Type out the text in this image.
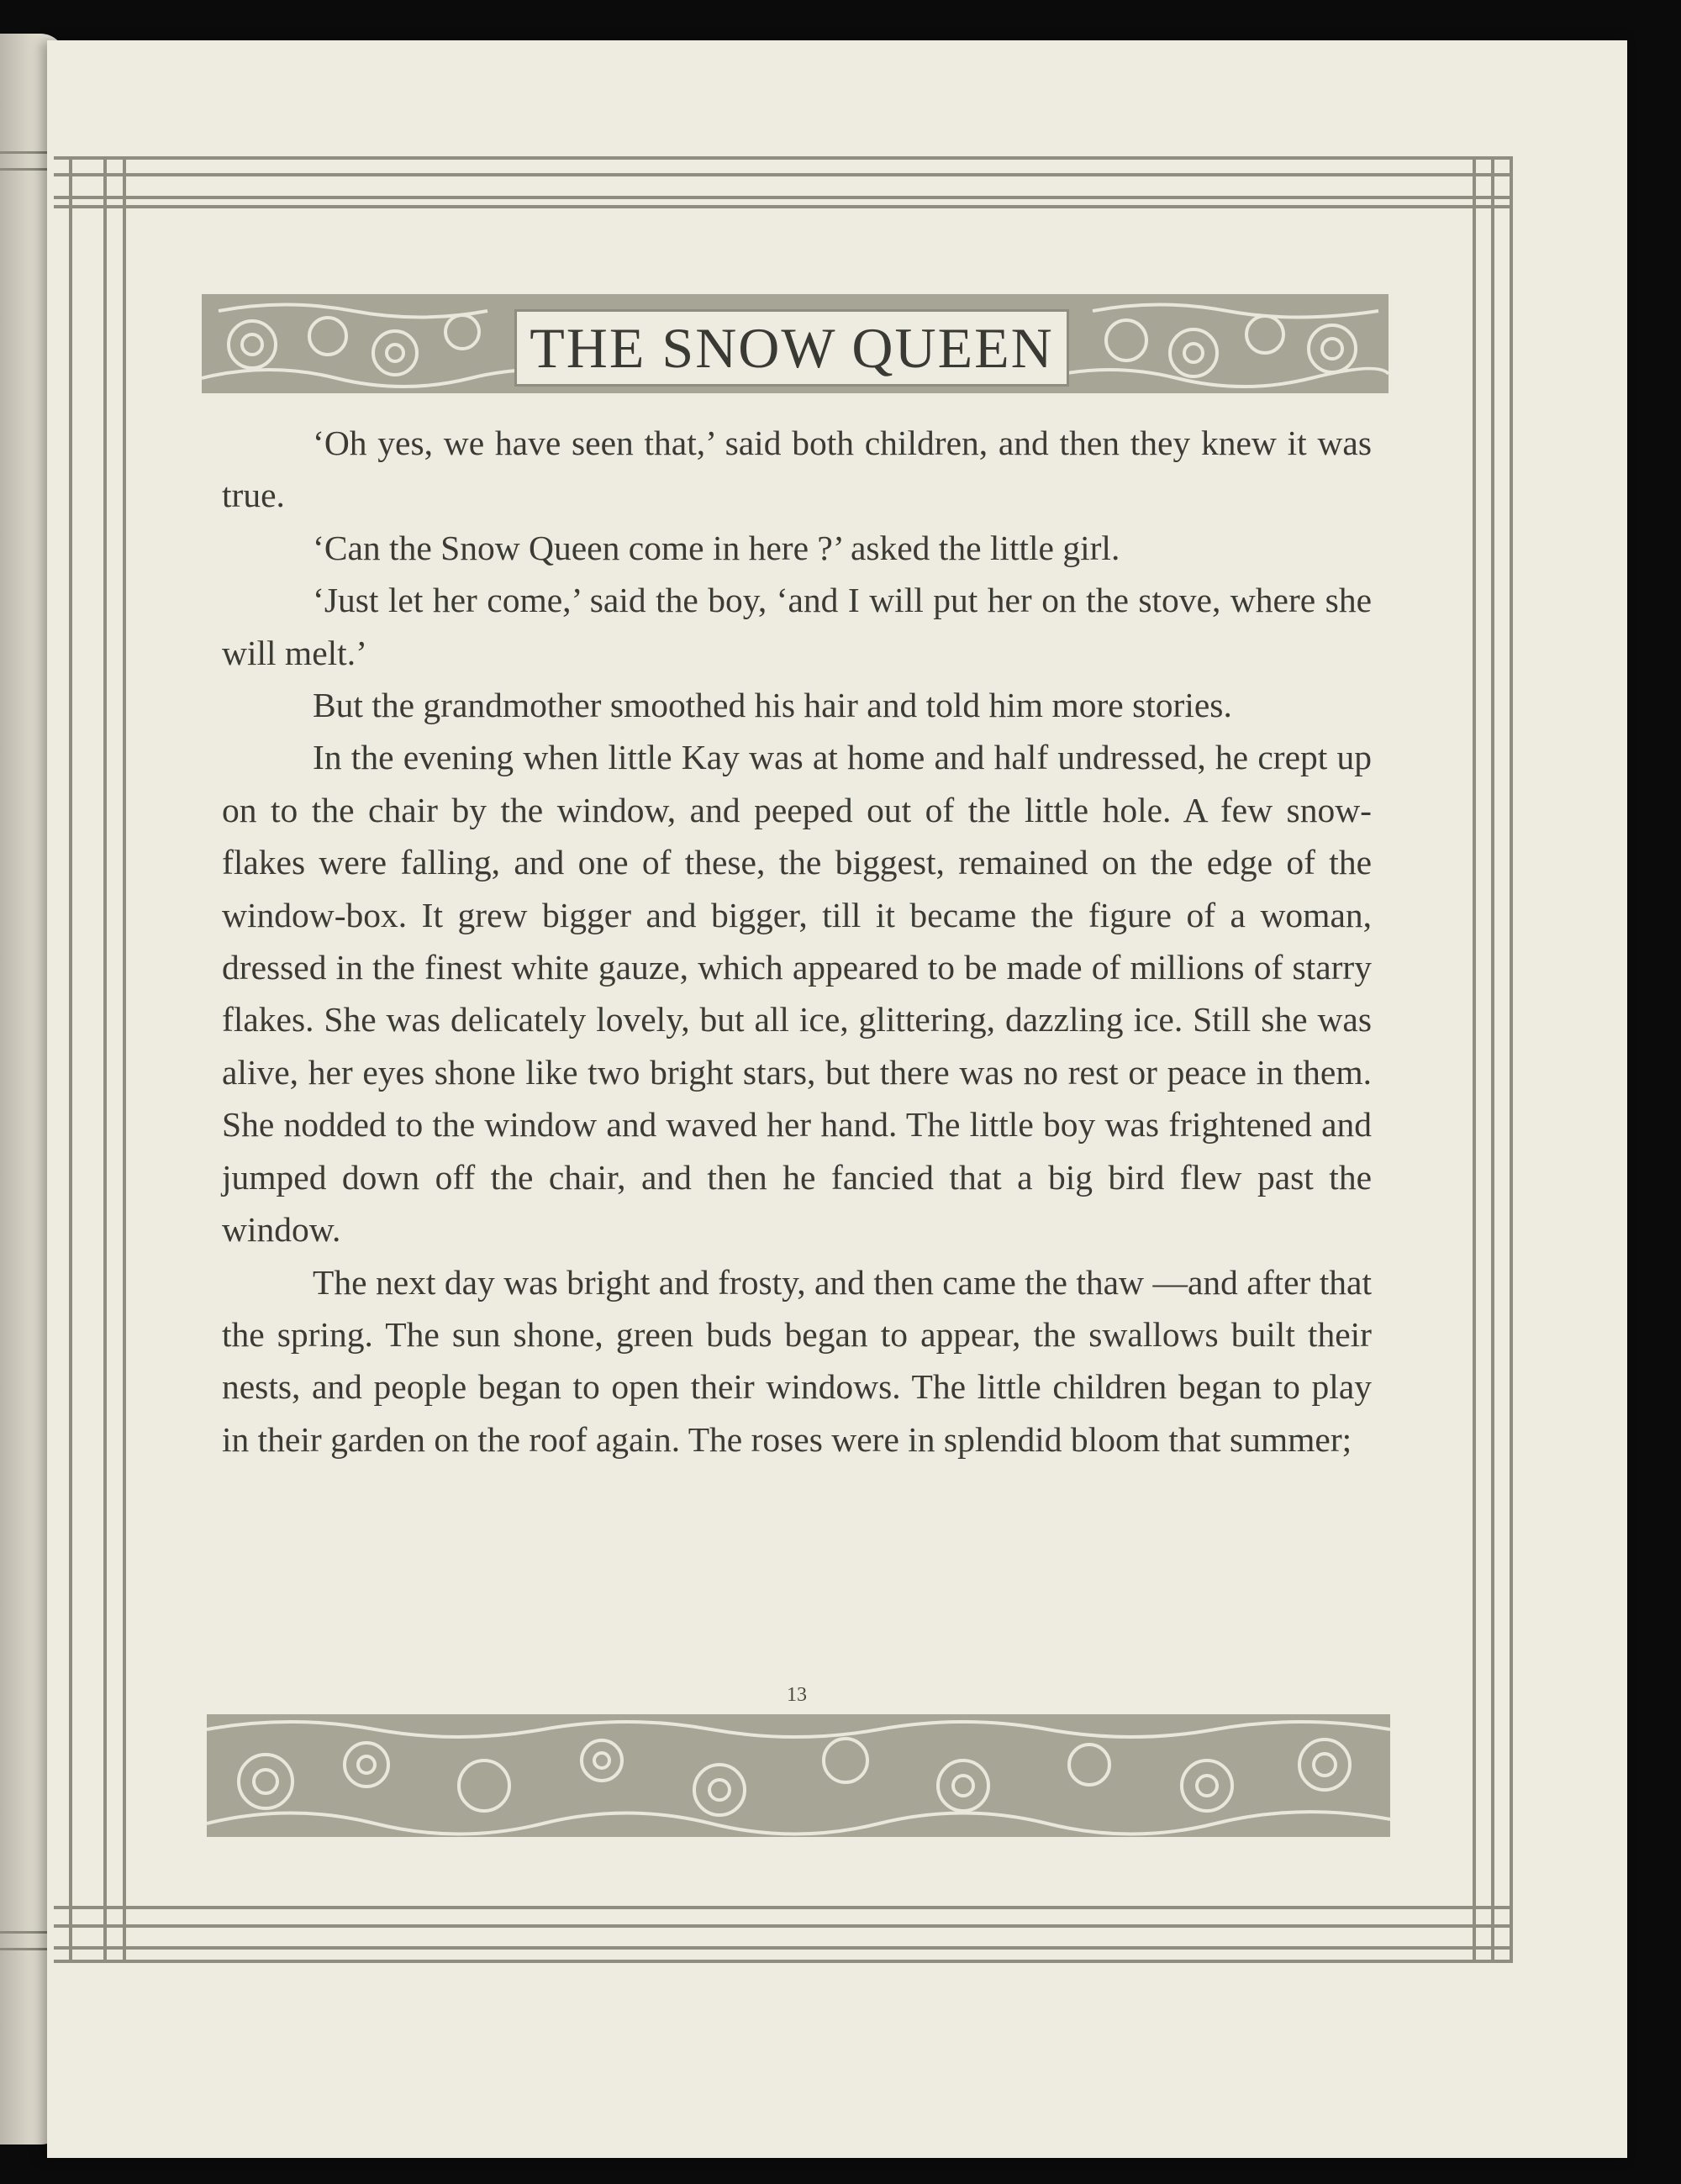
THE SNOW QUEEN

‘Oh yes, we have seen that,’ said both children, and then they knew it was true.

‘Can the Snow Queen come in here ?’ asked the little girl.

‘Just let her come,’ said the boy, ‘and I will put her on the stove, where she will melt.’

But the grandmother smoothed his hair and told him more stories.

In the evening when little Kay was at home and half undressed, he crept up on to the chair by the window, and peeped out of the little hole. A few snow-flakes were falling, and one of these, the biggest, remained on the edge of the window-box. It grew bigger and bigger, till it became the figure of a woman, dressed in the finest white gauze, which appeared to be made of millions of starry flakes. She was delicately lovely, but all ice, glittering, dazzling ice. Still she was alive, her eyes shone like two bright stars, but there was no rest or peace in them. She nodded to the window and waved her hand. The little boy was frightened and jumped down off the chair, and then he fancied that a big bird flew past the window.

The next day was bright and frosty, and then came the thaw —and after that the spring. The sun shone, green buds began to appear, the swallows built their nests, and people began to open their windows. The little children began to play in their garden on the roof again. The roses were in splendid bloom that summer;

13
